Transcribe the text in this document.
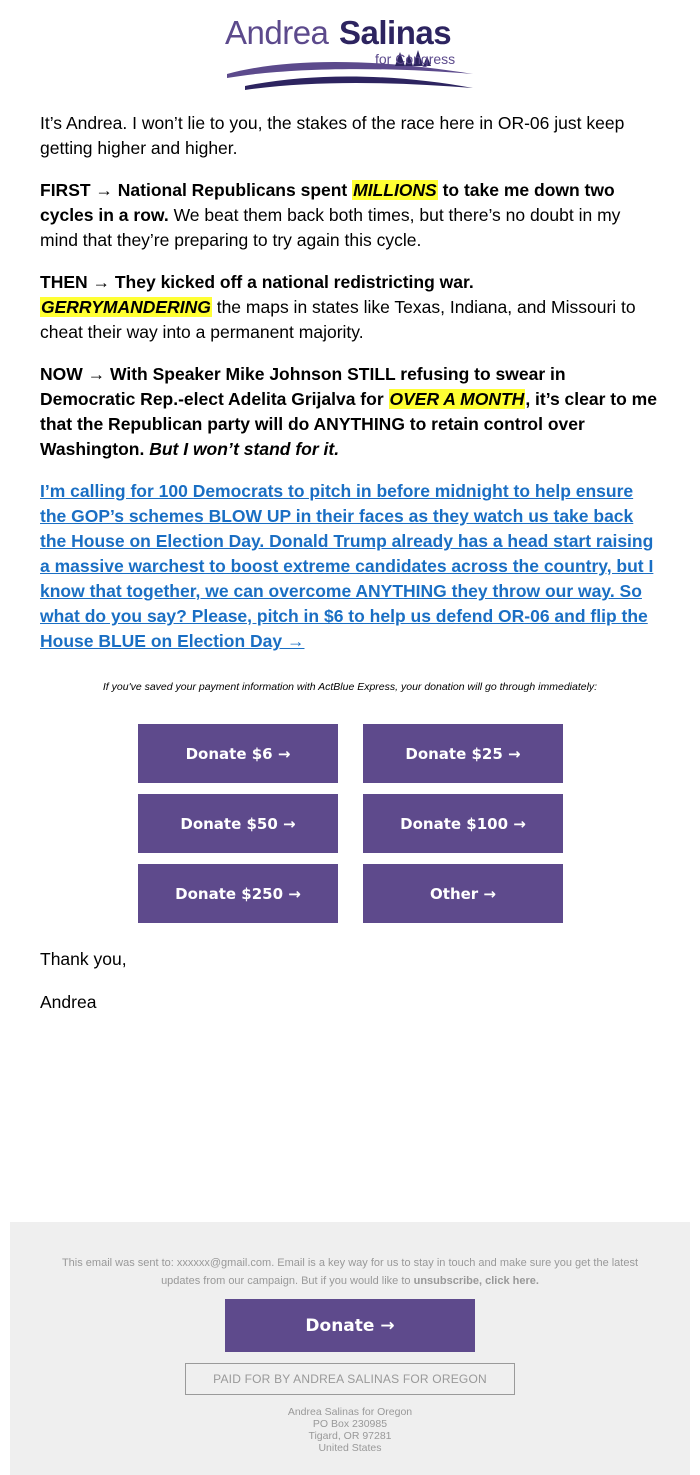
Andrea Salinas
for Congress

It’s Andrea. I won’t lie to you, the stakes of the race here in OR-06 just keep getting higher and higher.

FIRST → National Republicans spent MILLIONS to take me down two cycles in a row. We beat them back both times, but there’s no doubt in my mind that they’re preparing to try again this cycle.

THEN → They kicked off a national redistricting war.
GERRYMANDERING the maps in states like Texas, Indiana, and Missouri to cheat their way into a permanent majority.

NOW → With Speaker Mike Johnson STILL refusing to swear in Democratic Rep.-elect Adelita Grijalva for OVER A MONTH, it’s clear to me that the Republican party will do ANYTHING to retain control over Washington. But I won’t stand for it.

I’m calling for 100 Democrats to pitch in before midnight to help ensure the GOP’s schemes BLOW UP in their faces as they watch us take back the House on Election Day. Donald Trump already has a head start raising a massive warchest to boost extreme candidates across the country, but I know that together, we can overcome ANYTHING they throw our way. So what do you say? Please, pitch in $6 to help us defend OR-06 and flip the House BLUE on Election Day →
If you've saved your payment information with ActBlue Express, your donation will go through immediately:
Donate $6 →	Donate $25 →
Donate $50 →	Donate $100 →
Donate $250 →	Other →
Thank you,
Andrea
This email was sent to: xxxxxx@gmail.com. Email is a key way for us to stay in touch and make sure you get the latest updates from our campaign. But if you would like to unsubscribe, click here.
Donate →
PAID FOR BY ANDREA SALINAS FOR OREGON
Andrea Salinas for Oregon
PO Box 230985
Tigard, OR 97281
United States
